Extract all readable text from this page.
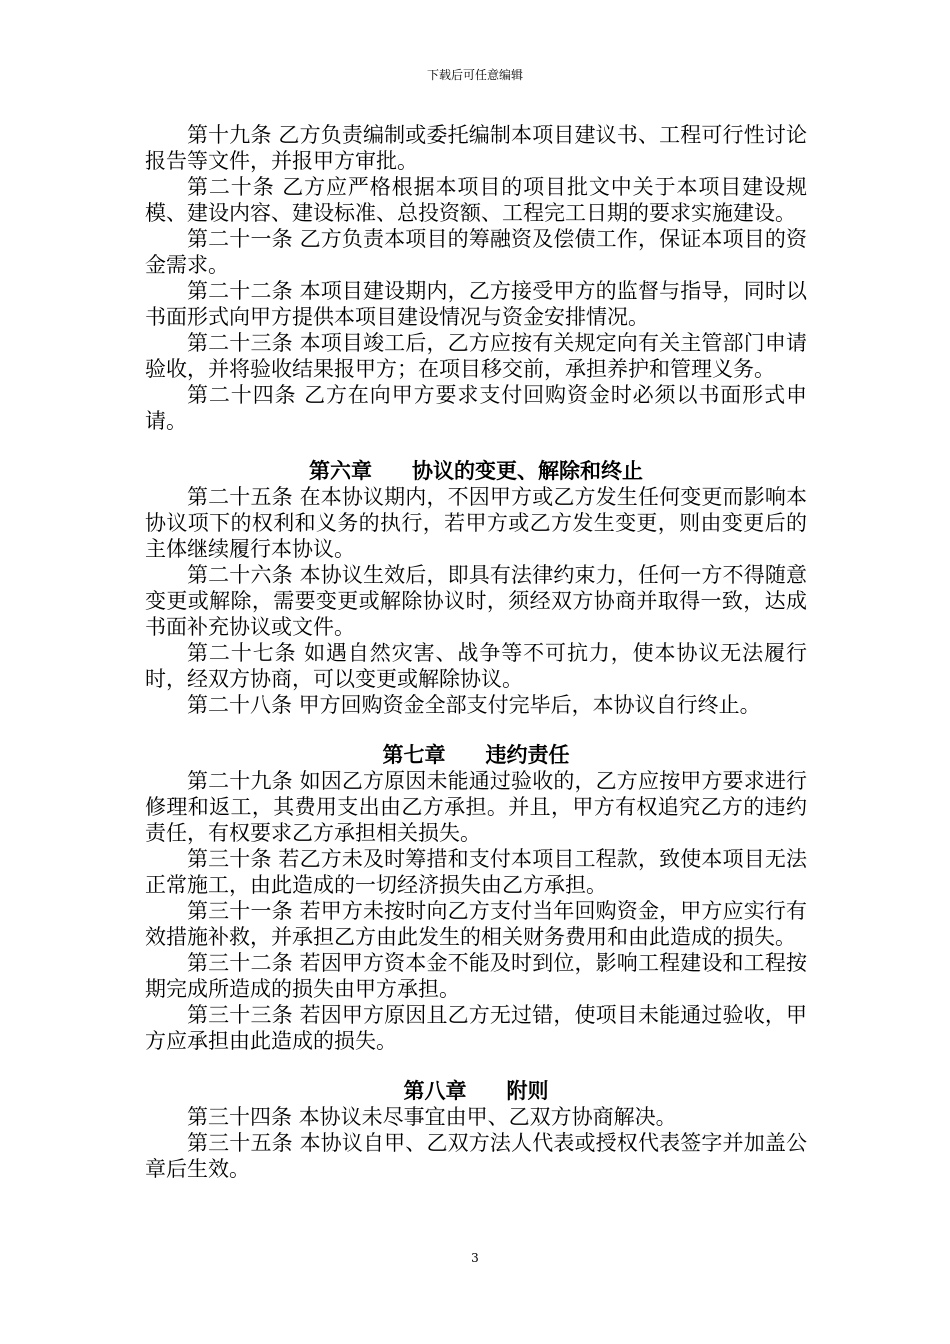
下载后可任意编辑

第十九条 乙方负责编制或委托编制本项目建议书、工程可行性讨论报告等文件，并报甲方审批。

第二十条 乙方应严格根据本项目的项目批文中关于本项目建设规模、建设内容、建设标准、总投资额、工程完工日期的要求实施建设。

第二十一条 乙方负责本项目的筹融资及偿债工作，保证本项目的资金需求。

第二十二条 本项目建设期内，乙方接受甲方的监督与指导，同时以书面形式向甲方提供本项目建设情况与资金安排情况。

第二十三条 本项目竣工后，乙方应按有关规定向有关主管部门申请验收，并将验收结果报甲方；在项目移交前，承担养护和管理义务。

第二十四条 乙方在向甲方要求支付回购资金时必须以书面形式申请。

第六章 协议的变更、解除和终止

第二十五条 在本协议期内，不因甲方或乙方发生任何变更而影响本协议项下的权利和义务的执行，若甲方或乙方发生变更，则由变更后的主体继续履行本协议。

第二十六条 本协议生效后，即具有法律约束力，任何一方不得随意变更或解除，需要变更或解除协议时，须经双方协商并取得一致，达成书面补充协议或文件。

第二十七条 如遇自然灾害、战争等不可抗力，使本协议无法履行时，经双方协商，可以变更或解除协议。

第二十八条 甲方回购资金全部支付完毕后，本协议自行终止。

第七章 违约责任

第二十九条 如因乙方原因未能通过验收的，乙方应按甲方要求进行修理和返工，其费用支出由乙方承担。并且，甲方有权追究乙方的违约责任，有权要求乙方承担相关损失。

第三十条 若乙方未及时筹措和支付本项目工程款，致使本项目无法正常施工，由此造成的一切经济损失由乙方承担。

第三十一条 若甲方未按时向乙方支付当年回购资金，甲方应实行有效措施补救，并承担乙方由此发生的相关财务费用和由此造成的损失。

第三十二条 若因甲方资本金不能及时到位，影响工程建设和工程按期完成所造成的损失由甲方承担。

第三十三条 若因甲方原因且乙方无过错，使项目未能通过验收，甲方应承担由此造成的损失。

第八章 附则

第三十四条 本协议未尽事宜由甲、乙双方协商解决。

第三十五条 本协议自甲、乙双方法人代表或授权代表签字并加盖公章后生效。

3
